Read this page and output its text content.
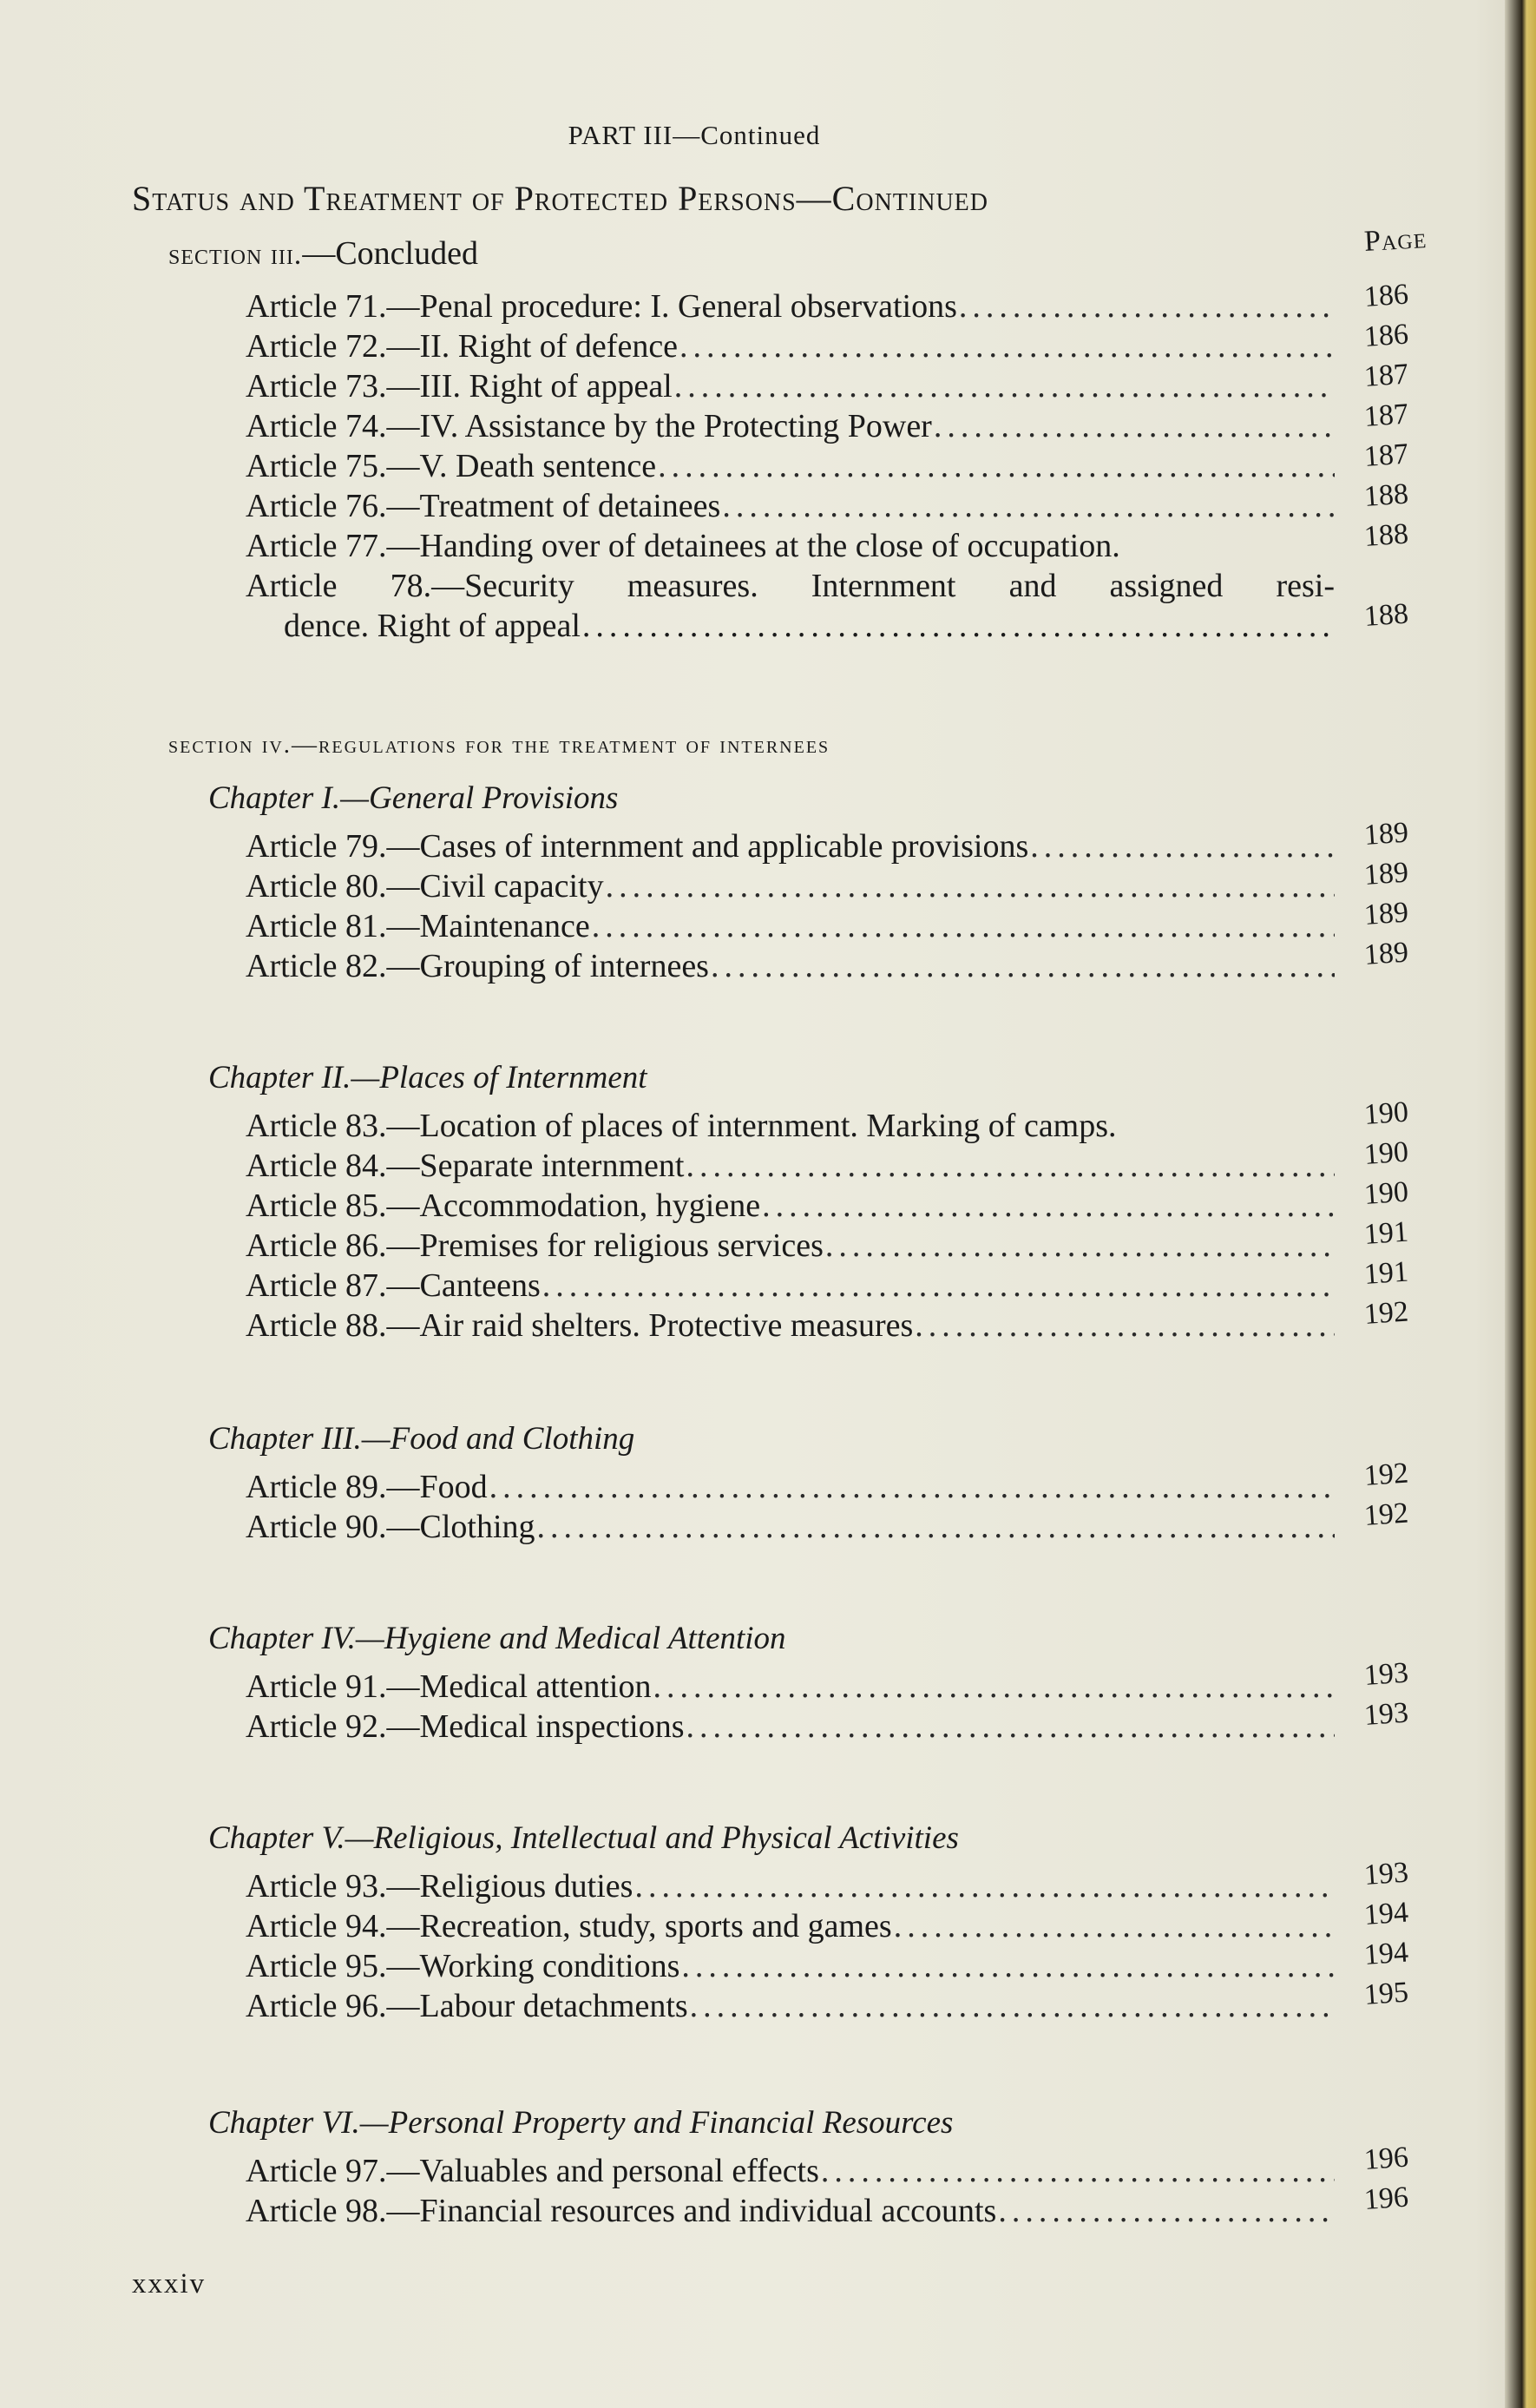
PART III—Continued
Status and Treatment of Protected Persons—Continued
section iii.—Concluded	Page
Article 71.—Penal procedure: I. General observations .....	186
Article 72.—II. Right of defence .....	186
Article 73.—III. Right of appeal .....	187
Article 74.—IV. Assistance by the Protecting Power .....	187
Article 75.—V. Death sentence .....	187
Article 76.—Treatment of detainees .....	188
Article 77.—Handing over of detainees at the close of occupation.	188
Article 78.—Security measures. Internment and assigned resi-
dence. Right of appeal .....	188
section iv.—regulations for the treatment of internees
Chapter I.—General Provisions
Article 79.—Cases of internment and applicable provisions .....	189
Article 80.—Civil capacity .....	189
Article 81.—Maintenance .....	189
Article 82.—Grouping of internees .....	189
Chapter II.—Places of Internment
Article 83.—Location of places of internment. Marking of camps.	190
Article 84.—Separate internment .....	190
Article 85.—Accommodation, hygiene .....	190
Article 86.—Premises for religious services .....	191
Article 87.—Canteens .....	191
Article 88.—Air raid shelters. Protective measures .....	192
Chapter III.—Food and Clothing
Article 89.—Food .....	192
Article 90.—Clothing .....	192
Chapter IV.—Hygiene and Medical Attention
Article 91.—Medical attention .....	193
Article 92.—Medical inspections .....	193
Chapter V.—Religious, Intellectual and Physical Activities
Article 93.—Religious duties .....	193
Article 94.—Recreation, study, sports and games .....	194
Article 95.—Working conditions .....	194
Article 96.—Labour detachments .....	195
Chapter VI.—Personal Property and Financial Resources
Article 97.—Valuables and personal effects .....	196
Article 98.—Financial resources and individual accounts .....	196
xxxiv
